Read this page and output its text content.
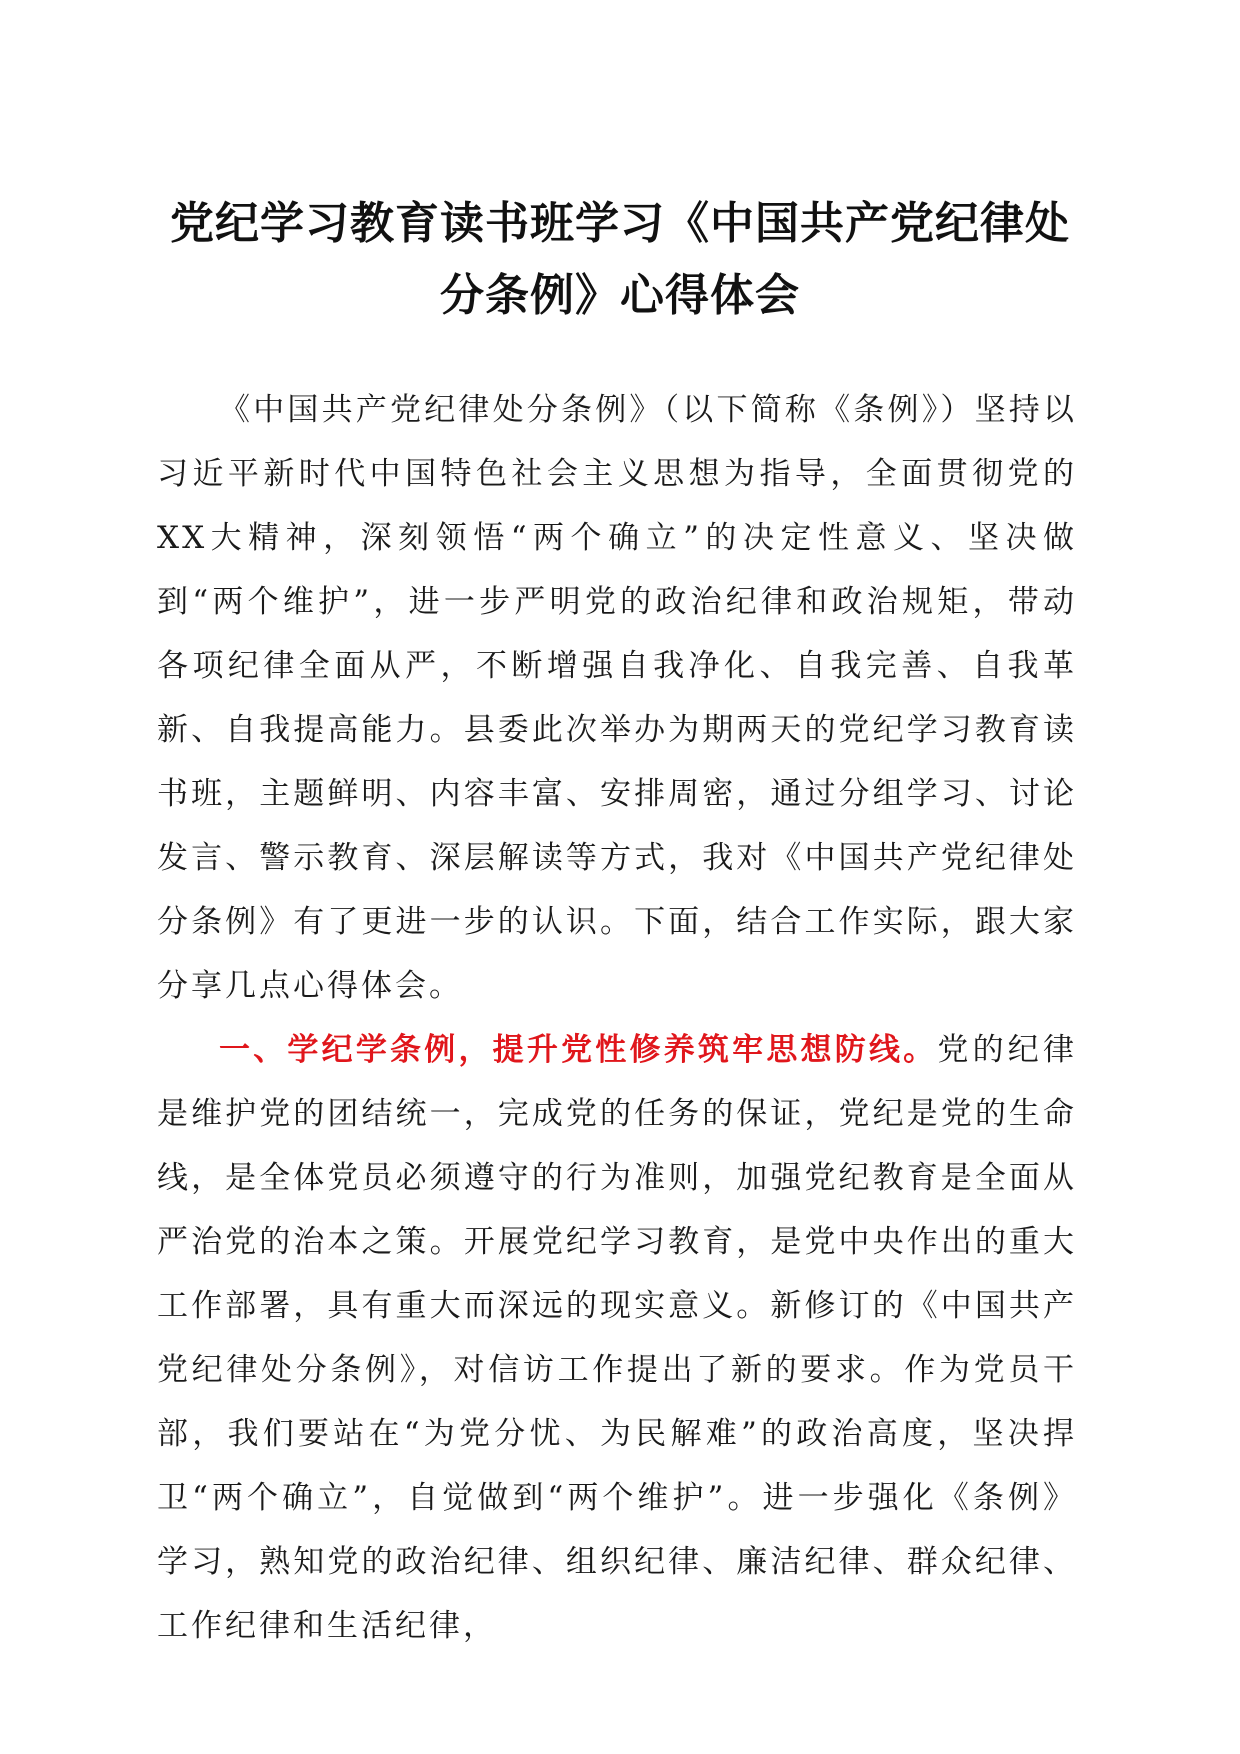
党纪学习教育读书班学习《中国共产党纪律处
分条例》心得体会

《中国共产党纪律处分条例》（以下简称《条例》）坚持以习近平新时代中国特色社会主义思想为指导，全面贯彻党的XX大精神，深刻领悟“两个确立”的决定性意义、坚决做到“两个维护”，进一步严明党的政治纪律和政治规矩，带动各项纪律全面从严，不断增强自我净化、自我完善、自我革新、自我提高能力。县委此次举办为期两天的党纪学习教育读书班，主题鲜明、内容丰富、安排周密，通过分组学习、讨论发言、警示教育、深层解读等方式，我对《中国共产党纪律处分条例》有了更进一步的认识。下面，结合工作实际，跟大家分享几点心得体会。

一、学纪学条例，提升党性修养筑牢思想防线。党的纪律是维护党的团结统一，完成党的任务的保证，党纪是党的生命线，是全体党员必须遵守的行为准则，加强党纪教育是全面从严治党的治本之策。开展党纪学习教育，是党中央作出的重大工作部署，具有重大而深远的现实意义。新修订的《中国共产党纪律处分条例》，对信访工作提出了新的要求。作为党员干部，我们要站在“为党分忧、为民解难”的政治高度，坚决捍卫“两个确立”，自觉做到“两个维护”。进一步强化《条例》学习，熟知党的政治纪律、组织纪律、廉洁纪律、群众纪律、工作纪律和生活纪律，
